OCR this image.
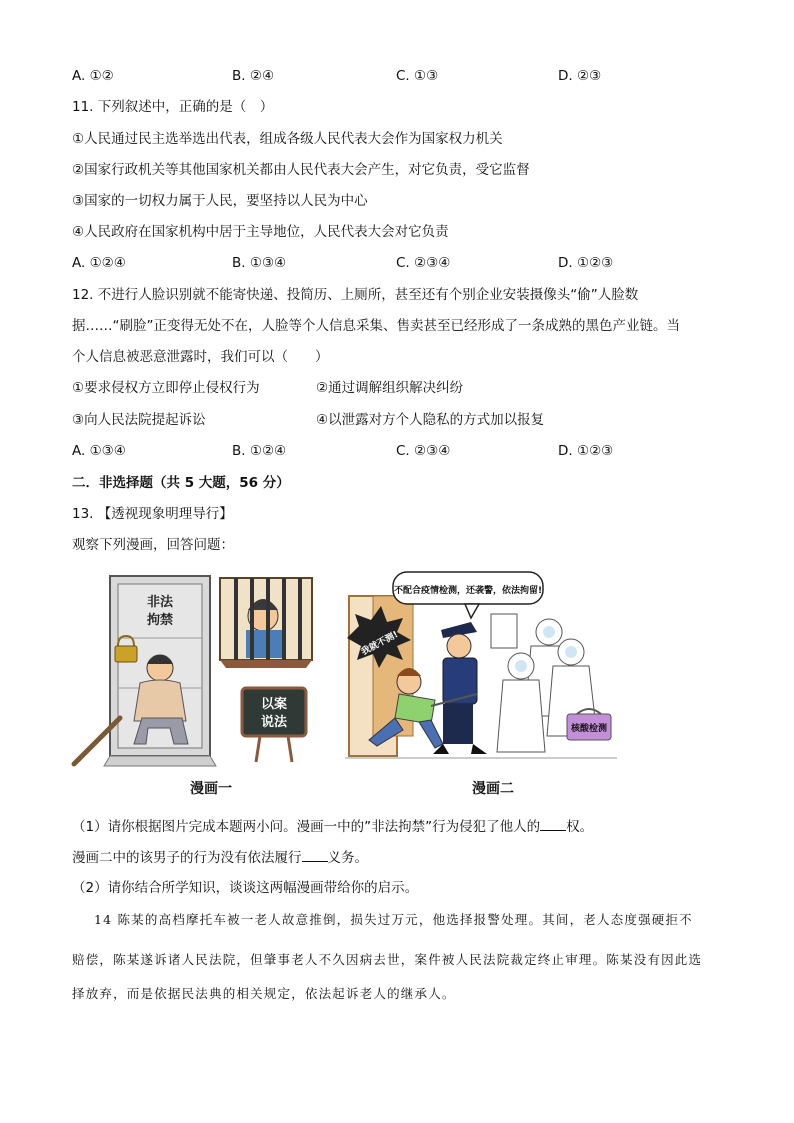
A. ①②	B. ②④	C. ①③	D. ②③
11. 下列叙述中，正确的是（　）
①人民通过民主选举选出代表，组成各级人民代表大会作为国家权力机关
②国家行政机关等其他国家机关都由人民代表大会产生，对它负责，受它监督
③国家的一切权力属于人民，要坚持以人民为中心
④人民政府在国家机构中居于主导地位，人民代表大会对它负责
A. ①②④	B. ①③④	C. ②③④	D. ①②③
12. 不进行人脸识别就不能寄快递、投简历、上厕所，甚至还有个别企业安装摄像头“偷”人脸数
据……“刷脸”正变得无处不在，人脸等个人信息采集、售卖甚至已经形成了一条成熟的黑色产业链。当
个人信息被恶意泄露时，我们可以（　　）
①要求侵权方立即停止侵权行为	②通过调解组织解决纠纷
③向人民法院提起诉讼	④以泄露对方个人隐私的方式加以报复
A. ①③④	B. ①②④	C. ②③④	D. ①②③
二．非选择题（共 5 大题，56 分）
13. 【透视现象明理导行】
观察下列漫画，回答问题：
非法
拘禁
以案
说法
漫画一
不配合疫情检测，还袭警，依法拘留!
我就不测!
核酸检测
漫画二
（1）请你根据图片完成本题两小问。漫画一中的”非法拘禁”行为侵犯了他人的 权。
漫画二中的该男子的行为没有依法履行 义务。
（2）请你结合所学知识，谈谈这两幅漫画带给你的启示。
14 陈某的高档摩托车被一老人故意推倒，损失过万元，他选择报警处理。其间，老人态度强硬拒不
赔偿，陈某遂诉诸人民法院，但肇事老人不久因病去世，案件被人民法院裁定终止审理。陈某没有因此选
择放弃，而是依据民法典的相关规定，依法起诉老人的继承人。
